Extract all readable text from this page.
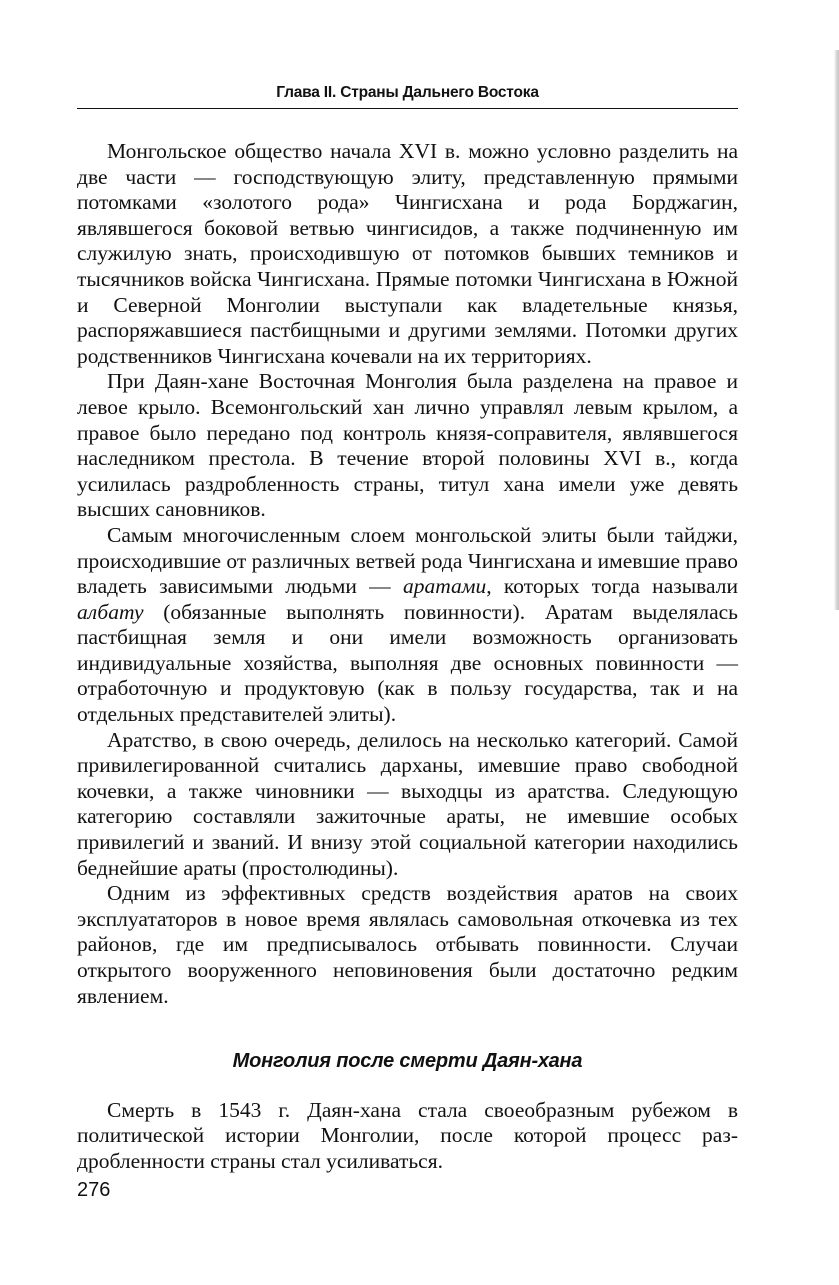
Глава II. Страны Дальнего Востока

Монгольское общество начала XVI в. можно условно разделить на две части — господствующую элиту, представленную прямыми потомками «золотого рода» Чингисхана и рода Борджагин, являвшегося боковой ветвью чингисидов, а также подчиненную им служилую знать, происходившую от потомков бывших темников и тысячников войска Чингисхана. Прямые потомки Чингисхана в Южной и Северной Монголии выступали как владетельные князья, распоряжавшиеся пастбищными и другими землями. Потомки других родственников Чингисхана кочевали на их территориях.

При Даян-хане Восточная Монголия была разделена на правое и левое крыло. Всемонгольский хан лично управлял левым крылом, а правое было передано под контроль князя-соправителя, являвшегося наследником престола. В течение второй половины XVI в., когда усилилась раздробленность страны, титул хана имели уже девять высших сановников.

Самым многочисленным слоем монгольской элиты были тайджи, происходившие от различных ветвей рода Чингисхана и имевшие право владеть зависимыми людьми — аратами, которых тогда называли албату (обязанные выполнять повинности). Аратам выделялась пастбищная земля и они имели возможность организовать индивидуальные хозяйства, выполняя две основных повинности — отработочную и продуктовую (как в пользу государства, так и на отдельных представителей элиты).

Аратство, в свою очередь, делилось на несколько категорий. Самой привилегированной считались дарханы, имевшие право свободной кочевки, а также чиновники — выходцы из аратства. Следующую категорию составляли зажиточные араты, не имевшие особых привилегий и званий. И внизу этой социальной категории находились беднейшие араты (простолюдины).

Одним из эффективных средств воздействия аратов на своих эксплуататоров в новое время являлась самовольная откочевка из тех районов, где им предписывалось отбывать повинности. Случаи открытого вооруженного неповиновения были достаточно редким явлением.

Монголия после смерти Даян-хана

Смерть в 1543 г. Даян-хана стала своеобразным рубежом в политической истории Монголии, после которой процесс раздробленности страны стал усиливаться.

276
